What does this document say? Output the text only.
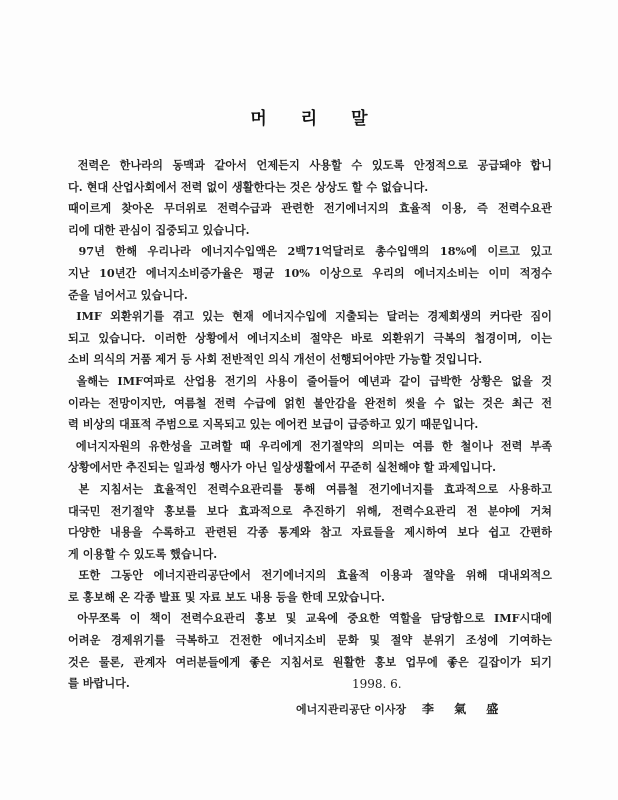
머 리 말
전력은 한나라의 동맥과 같아서 언제든지 사용할 수 있도록 안정적으로 공급돼야 합니
다. 현대 산업사회에서 전력 없이 생활한다는 것은 상상도 할 수 없습니다.
때이르게 찾아온 무더위로 전력수급과 관련한 전기에너지의 효율적 이용, 즉 전력수요관
리에 대한 관심이 집중되고 있습니다.
97년 한해 우리나라 에너지수입액은 2백71억달러로 총수입액의 18%에 이르고 있고
지난 10년간 에너지소비증가율은 평균 10% 이상으로 우리의 에너지소비는 이미 적정수
준을 넘어서고 있습니다.
IMF 외환위기를 겪고 있는 현재 에너지수입에 지출되는 달러는 경제회생의 커다란 짐이
되고 있습니다. 이러한 상황에서 에너지소비 절약은 바로 외환위기 극복의 첩경이며, 이는
소비 의식의 거품 제거 등 사회 전반적인 의식 개선이 선행되어야만 가능할 것입니다.
올해는 IMF여파로 산업용 전기의 사용이 줄어들어 예년과 같이 급박한 상황은 없을 것
이라는 전망이지만, 여름철 전력 수급에 얽힌 불안감을 완전히 씻을 수 없는 것은 최근 전
력 비상의 대표적 주범으로 지목되고 있는 에어컨 보급이 급증하고 있기 때문입니다.
에너지자원의 유한성을 고려할 때 우리에게 전기절약의 의미는 여름 한 철이나 전력 부족
상황에서만 추진되는 일과성 행사가 아닌 일상생활에서 꾸준히 실천해야 할 과제입니다.
본 지침서는 효율적인 전력수요관리를 통해 여름철 전기에너지를 효과적으로 사용하고
대국민 전기절약 홍보를 보다 효과적으로 추진하기 위해, 전력수요관리 전 분야에 거쳐
다양한 내용을 수록하고 관련된 각종 통계와 참고 자료들을 제시하여 보다 쉽고 간편하
게 이용할 수 있도록 했습니다.
또한 그동안 에너지관리공단에서 전기에너지의 효율적 이용과 절약을 위해 대내외적으
로 홍보해 온 각종 발표 및 자료 보도 내용 등을 한데 모았습니다.
아무쪼록 이 책이 전력수요관리 홍보 및 교육에 중요한 역할을 담당함으로 IMF시대에
어려운 경제위기를 극복하고 건전한 에너지소비 문화 및 절약 분위기 조성에 기여하는
것은 물론, 관계자 여러분들에게 좋은 지침서로 원활한 홍보 업무에 좋은 길잡이가 되기
를 바랍니다.	1998. 6.
에너지관리공단 이사장 李 氣 盛
